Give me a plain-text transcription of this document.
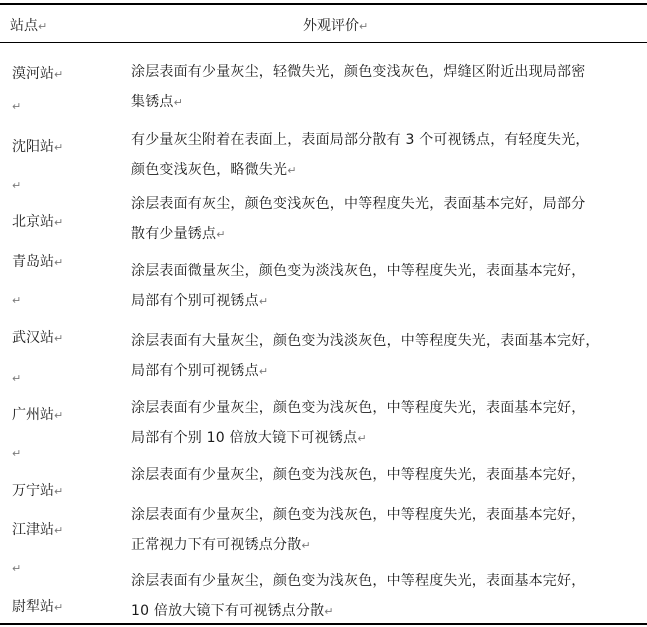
站点↵	外观评价↵
漠河站↵
↵
涂层表面有少量灰尘，轻微失光，颜色变浅灰色，焊缝区附近出现局部密
集锈点↵
沈阳站↵
↵
有少量灰尘附着在表面上，表面局部分散有 3 个可视锈点，有轻度失光，
颜色变浅灰色，略微失光↵
北京站↵
涂层表面有灰尘，颜色变浅灰色，中等程度失光，表面基本完好，局部分
散有少量锈点↵
青岛站↵
↵
涂层表面微量灰尘，颜色变为淡浅灰色，中等程度失光，表面基本完好，
局部有个别可视锈点↵
武汉站↵
↵
涂层表面有大量灰尘，颜色变为浅淡灰色，中等程度失光，表面基本完好，
局部有个别可视锈点↵
广州站↵
↵
涂层表面有少量灰尘，颜色变为浅灰色，中等程度失光，表面基本完好，
局部有个别 10 倍放大镜下可视锈点↵
万宁站↵
涂层表面有少量灰尘，颜色变为浅灰色，中等程度失光，表面基本完好，
江津站↵
↵
涂层表面有少量灰尘，颜色变为浅灰色，中等程度失光，表面基本完好，
正常视力下有可视锈点分散↵
尉犁站↵
涂层表面有少量灰尘，颜色变为浅灰色，中等程度失光，表面基本完好，
10 倍放大镜下有可视锈点分散↵
